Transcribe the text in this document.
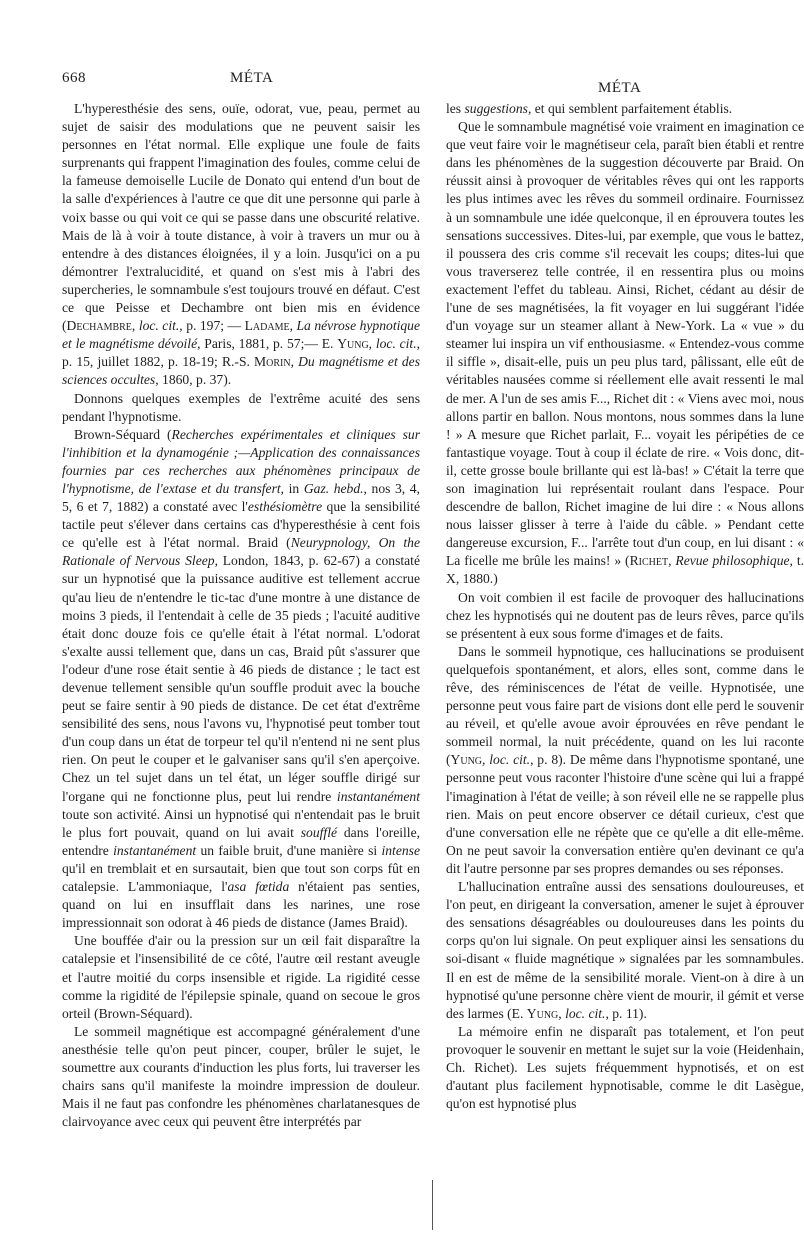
668	MÉTA
MÉTA

L'hyperesthésie des sens, ouïe, odorat, vue, peau, permet au sujet de saisir des modulations que ne peuvent saisir les personnes en l'état normal. Elle explique une foule de faits surprenants qui frappent l'imagination des foules, comme celui de la fameuse demoiselle Lucile de Donato qui entend d'un bout de la salle d'expériences à l'autre ce que dit une personne qui parle à voix basse ou qui voit ce qui se passe dans une obscurité relative. Mais de là à voir à toute distance, à voir à travers un mur ou à entendre à des distances éloignées, il y a loin. Jusqu'ici on a pu démontrer l'extralucidité, et quand on s'est mis à l'abri des supercheries, le somnambule s'est toujours trouvé en défaut. C'est ce que Peisse et Dechambre ont bien mis en évidence (Dechambre, loc. cit., p. 197; — Ladame, La névrose hypnotique et le magnétisme dévoilé, Paris, 1881, p. 57;— E. Yung, loc. cit., p. 15, juillet 1882, p. 18-19; R.-S. Morin, Du magnétisme et des sciences occultes, 1860, p. 37).

Donnons quelques exemples de l'extrême acuité des sens pendant l'hypnotisme.

Brown-Séquard (Recherches expérimentales et cliniques sur l'inhibition et la dynamogénie ;—Application des connaissances fournies par ces recherches aux phénomènes principaux de l'hypnotisme, de l'extase et du transfert, in Gaz. hebd., nos 3, 4, 5, 6 et 7, 1882) a constaté avec l'esthésiomètre que la sensibilité tactile peut s'élever dans certains cas d'hyperesthésie à cent fois ce qu'elle est à l'état normal. Braid (Neurypnology, On the Rationale of Nervous Sleep, London, 1843, p. 62-67) a constaté sur un hypnotisé que la puissance auditive est tellement accrue qu'au lieu de n'entendre le tic-tac d'une montre à une distance de moins 3 pieds, il l'entendait à celle de 35 pieds ; l'acuité auditive était donc douze fois ce qu'elle était à l'état normal. L'odorat s'exalte aussi tellement que, dans un cas, Braid pût s'assurer que l'odeur d'une rose était sentie à 46 pieds de distance ; le tact est devenue tellement sensible qu'un souffle produit avec la bouche peut se faire sentir à 90 pieds de distance. De cet état d'extrême sensibilité des sens, nous l'avons vu, l'hypnotisé peut tomber tout d'un coup dans un état de torpeur tel qu'il n'entend ni ne sent plus rien. On peut le couper et le galvaniser sans qu'il s'en aperçoive. Chez un tel sujet dans un tel état, un léger souffle dirigé sur l'organe qui ne fonctionne plus, peut lui rendre instantanément toute son activité. Ainsi un hypnotisé qui n'entendait pas le bruit le plus fort pouvait, quand on lui avait soufflé dans l'oreille, entendre instantanément un faible bruit, d'une manière si intense qu'il en tremblait et en sursautait, bien que tout son corps fût en catalepsie. L'ammoniaque, l'asa fœtida n'étaient pas senties, quand on lui en insufflait dans les narines, une rose impressionnait son odorat à 46 pieds de distance (James Braid).

Une bouffée d'air ou la pression sur un œil fait disparaître la catalepsie et l'insensibilité de ce côté, l'autre œil restant aveugle et l'autre moitié du corps insensible et rigide. La rigidité cesse comme la rigidité de l'épilepsie spinale, quand on secoue le gros orteil (Brown-Séquard).

Le sommeil magnétique est accompagné généralement d'une anesthésie telle qu'on peut pincer, couper, brûler le sujet, le soumettre aux courants d'induction les plus forts, lui traverser les chairs sans qu'il manifeste la moindre impression de douleur. Mais il ne faut pas confondre les phénomènes charlatanesques de clairvoyance avec ceux qui peuvent être interprétés par

les suggestions, et qui semblent parfaitement établis.

Que le somnambule magnétisé voie vraiment en imagination ce que veut faire voir le magnétiseur cela, paraît bien établi et rentre dans les phénomènes de la suggestion découverte par Braid. On réussit ainsi à provoquer de véritables rêves qui ont les rapports les plus intimes avec les rêves du sommeil ordinaire. Fournissez à un somnambule une idée quelconque, il en éprouvera toutes les sensations successives. Dites-lui, par exemple, que vous le battez, il poussera des cris comme s'il recevait les coups; dites-lui que vous traverserez telle contrée, il en ressentira plus ou moins exactement l'effet du tableau. Ainsi, Richet, cédant au désir de l'une de ses magnétisées, la fit voyager en lui suggérant l'idée d'un voyage sur un steamer allant à New-York. La « vue » du steamer lui inspira un vif enthousiasme. « Entendez-vous comme il siffle », disait-elle, puis un peu plus tard, pâlissant, elle eût de véritables nausées comme si réellement elle avait ressenti le mal de mer. A l'un de ses amis F..., Richet dit : « Viens avec moi, nous allons partir en ballon. Nous montons, nous sommes dans la lune ! » A mesure que Richet parlait, F... voyait les péripéties de ce fantastique voyage. Tout à coup il éclate de rire. « Vois donc, dit-il, cette grosse boule brillante qui est là-bas! » C'était la terre que son imagination lui représentait roulant dans l'espace. Pour descendre de ballon, Richet imagine de lui dire : « Nous allons nous laisser glisser à terre à l'aide du câble. » Pendant cette dangereuse excursion, F... l'arrête tout d'un coup, en lui disant : « La ficelle me brûle les mains! » (Richet, Revue philosophique, t. X, 1880.)

On voit combien il est facile de provoquer des hallucinations chez les hypnotisés qui ne doutent pas de leurs rêves, parce qu'ils se présentent à eux sous forme d'images et de faits.

Dans le sommeil hypnotique, ces hallucinations se produisent quelquefois spontanément, et alors, elles sont, comme dans le rêve, des réminiscences de l'état de veille. Hypnotisée, une personne peut vous faire part de visions dont elle perd le souvenir au réveil, et qu'elle avoue avoir éprouvées en rêve pendant le sommeil normal, la nuit précédente, quand on les lui raconte (Yung, loc. cit., p. 8). De même dans l'hypnotisme spontané, une personne peut vous raconter l'histoire d'une scène qui lui a frappé l'imagination à l'état de veille; à son réveil elle ne se rappelle plus rien. Mais on peut encore observer ce détail curieux, c'est que d'une conversation elle ne répète que ce qu'elle a dit elle-même. On ne peut savoir la conversation entière qu'en devinant ce qu'a dit l'autre personne par ses propres demandes ou ses réponses.

L'hallucination entraîne aussi des sensations douloureuses, et l'on peut, en dirigeant la conversation, amener le sujet à éprouver des sensations désagréables ou douloureuses dans les points du corps qu'on lui signale. On peut expliquer ainsi les sensations du soi-disant « fluide magnétique » signalées par les somnambules. Il en est de même de la sensibilité morale. Vient-on à dire à un hypnotisé qu'une personne chère vient de mourir, il gémit et verse des larmes (E. Yung, loc. cit., p. 11).

La mémoire enfin ne disparaît pas totalement, et l'on peut provoquer le souvenir en mettant le sujet sur la voie (Heidenhain, Ch. Richet). Les sujets fréquemment hypnotisés, et on est d'autant plus facilement hypnotisable, comme le dit Lasègue, qu'on est hypnotisé plus
